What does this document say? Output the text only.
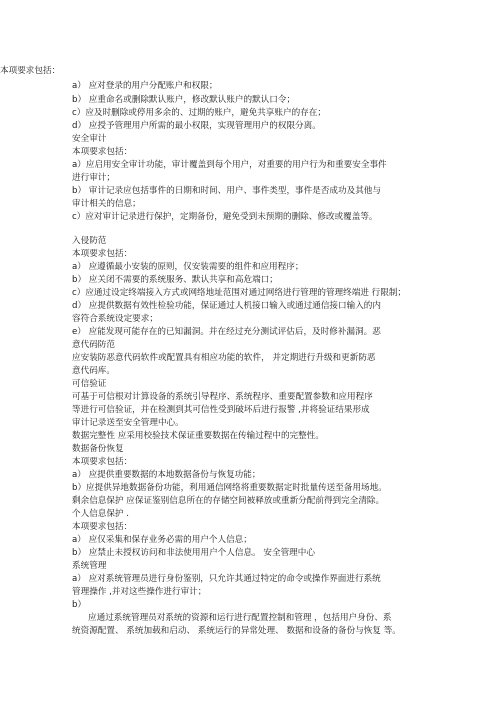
本项要求包括：
a） 应对登录的用户分配账户和权限；
b） 应重命名或删除默认账户，修改默认账户的默认口令；
c）应及时删除或停用多余的、过期的账户，避免共享账户的存在；
d） 应授予管理用户所需的最小权限，实现管理用户的权限分离。
安全审计
本项要求包括：
a）应启用安全审计功能，审计覆盖到每个用户，对重要的用户行为和重要安全事件
进行审计；
b） 审计记录应包括事件的日期和时间、用户、事件类型，事件是否成功及其他与
审计相关的信息；
c）应对审计记录进行保护，定期备份，避免受到未预期的删除、修改或覆盖等。
入侵防范
本项要求包括：
a） 应遵循最小安装的原则，仅安装需要的组件和应用程序；
b） 应关闭不需要的系统服务、默认共享和高危端口；
c）应通过设定终端接入方式或网络地址范围对通过网络进行管理的管理终端进 行限制；
d） 应提供数据有效性检验功能，保证通过人机接口输入或通过通信接口输入的内
容符合系统设定要求；
e） 应能发现可能存在的已知漏洞。并在经过充分测试评估后，及时修补漏洞。恶
意代码防范
应安装防恶意代码软件或配置具有相应功能的软件， 并定期进行升级和更新防恶
意代码库。
可信验证
可基于可信根对计算设备的系统引导程序、系统程序、重要配置参数和应用程序
等进行可信验证，并在检测到其可信性受到破坏后进行报警 ,并将验证结果形成
审计记录送至安全管理中心。
数据完整性 应采用校验技术保证重要数据在传输过程中的完整性。
数据备份恢复
本项要求包括：
a） 应提供重要数据的本地数据备份与恢复功能；
b）应提供异地数据备份功能，利用通信网络将重要数据定时批量传送至备用场地。
剩余信息保护 应保证鉴别信息所在的存储空间被释放或重新分配前得到完全清除。
个人信息保护 .
本项要求包括：
a） 应仅采集和保存业务必需的用户个人信息；
b） 应禁止未授权访问和非法使用用户个人信息。 安全管理中心
系统管理
a） 应对系统管理员进行身份鉴别，只允许其通过特定的命令或操作界面进行系统
管理操作 ,并对这些操作进行审计；
b）
应通过系统管理员对系统的资源和运行进行配置控制和管理 ，包括用户身份、系
统资源配置、 系统加载和启动、 系统运行的异常处理、 数据和设备的备份与恢复 等。
